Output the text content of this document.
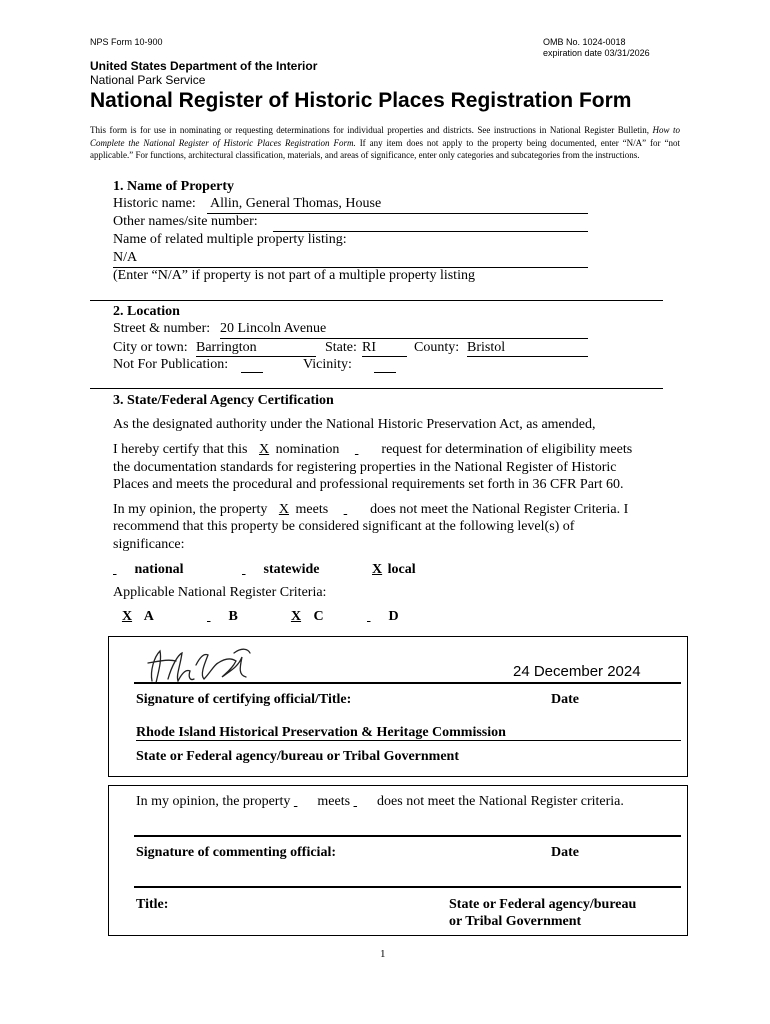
NPS Form 10-900	OMB No. 1024-0018
expiration date 03/31/2026
United States Department of the Interior
National Park Service
National Register of Historic Places Registration Form
This form is for use in nominating or requesting determinations for individual properties and districts. See instructions in National Register Bulletin, How to Complete the National Register of Historic Places Registration Form. If any item does not apply to the property being documented, enter “N/A” for “not applicable.” For functions, architectural classification, materials, and areas of significance, enter only categories and subcategories from the instructions.
1. Name of Property
Historic name: Allin, General Thomas, House
Other names/site number:
Name of related multiple property listing:
N/A
(Enter “N/A” if property is not part of a multiple property listing
2. Location
Street & number: 20 Lincoln Avenue
City or town: Barrington	State: RI	County: Bristol
Not For Publication:	Vicinity:
3. State/Federal Agency Certification
As the designated authority under the National Historic Preservation Act, as amended,
I hereby certify that this X nomination	request for determination of eligibility meets
the documentation standards for registering properties in the National Register of Historic
Places and meets the procedural and professional requirements set forth in 36 CFR Part 60.
In my opinion, the property X meets	does not meet the National Register Criteria. I
recommend that this property be considered significant at the following level(s) of
significance:
national	statewide	X local
Applicable National Register Criteria:
X A	B	X C	D
24 December 2024
Signature of certifying official/Title:	Date
Rhode Island Historical Preservation & Heritage Commission
State or Federal agency/bureau or Tribal Government
In my opinion, the property meets does not meet the National Register criteria.
Signature of commenting official:	Date
Title:	State or Federal agency/bureau
or Tribal Government
1
